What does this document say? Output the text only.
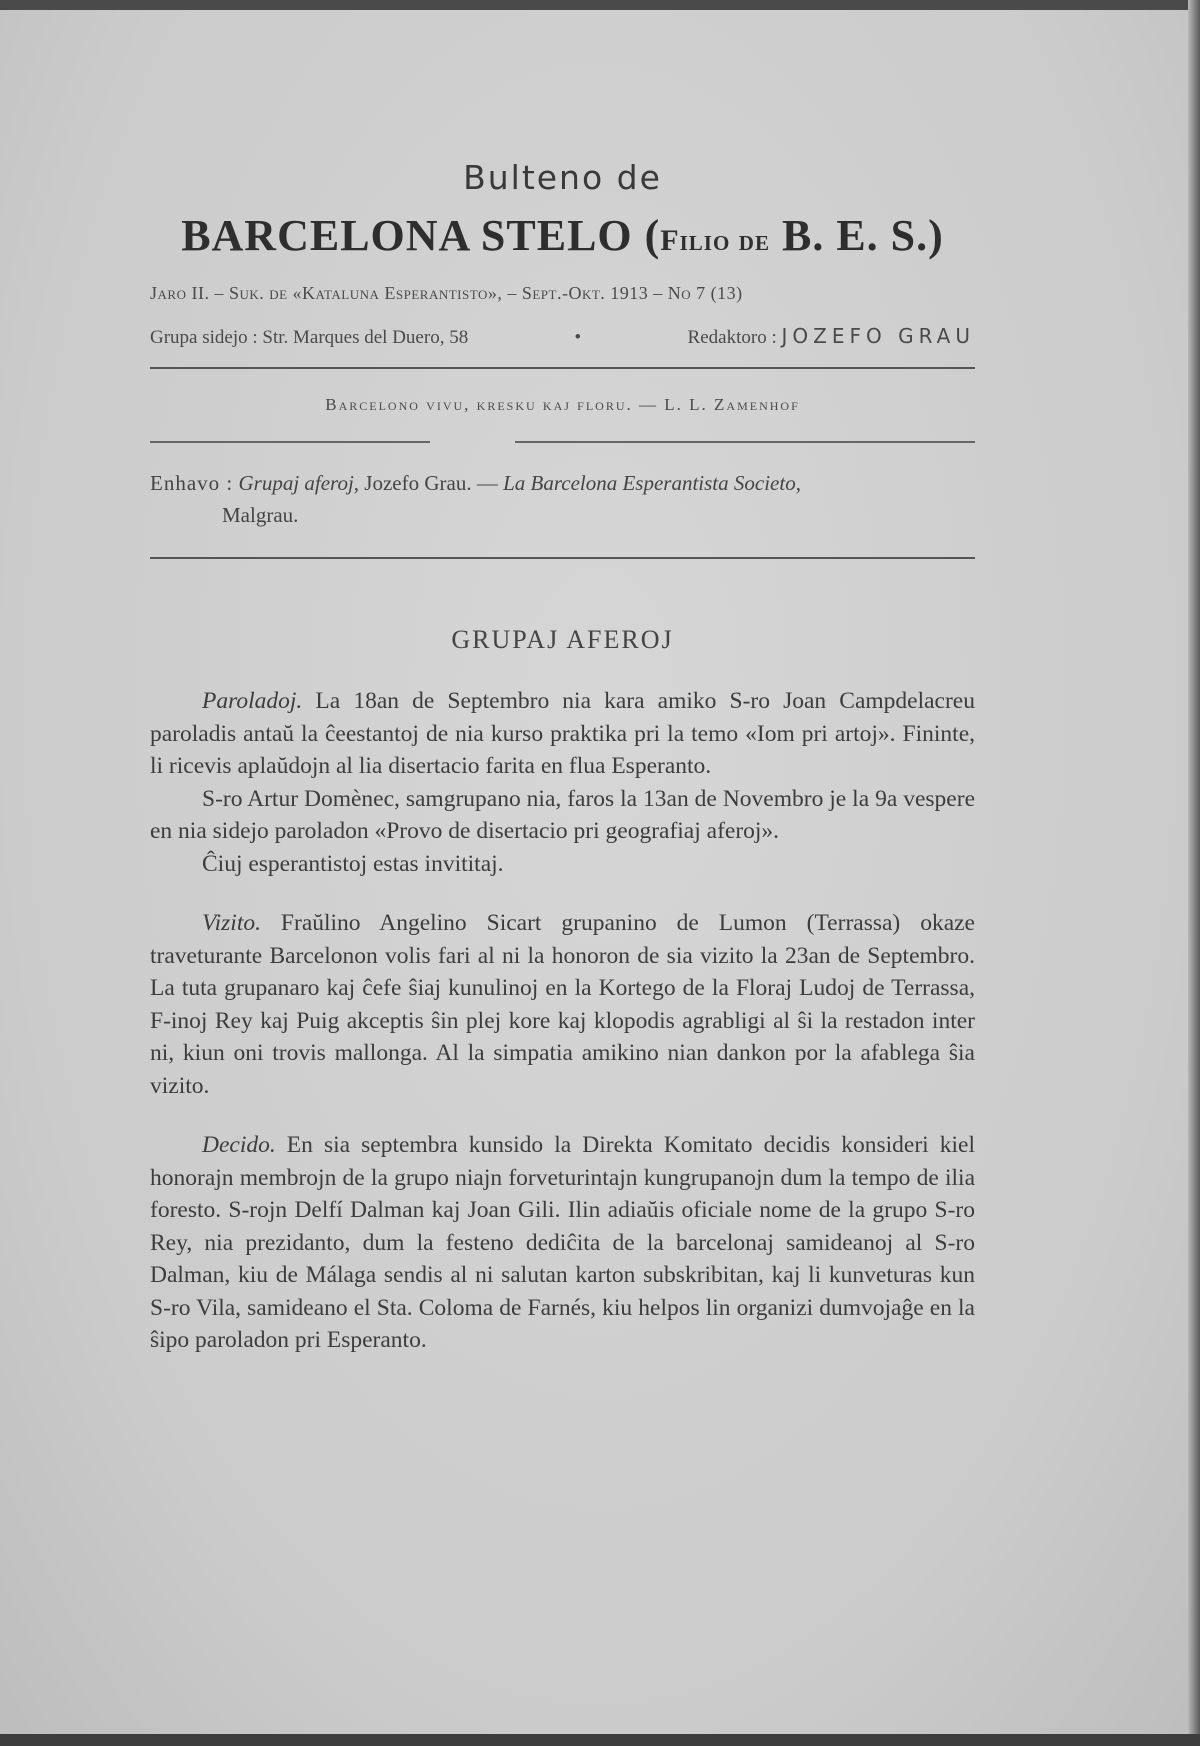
Bulteno de
BARCELONA STELO (Filio de B. E. S.)
Jaro II. – Suk. de «Kataluna Esperantisto», – Sept.-Okt. 1913 – No 7 (13)
Grupa sidejo : Str. Marques del Duero, 58	•	Redaktoro : JOZEFO GRAU
Barcelono vivu, kresku kaj floru. — L. L. Zamenhof
Enhavo : Grupaj aferoj, Jozefo Grau. — La Barcelona Esperantista Societo,
Malgrau.
GRUPAJ AFEROJ

Paroladoj. La 18an de Septembro nia kara amiko S-ro Joan Campdelacreu paroladis antaŭ la ĉeestantoj de nia kurso praktika pri la temo «Iom pri artoj». Fininte, li ricevis aplaŭdojn al lia disertacio farita en flua Esperanto.

S-ro Artur Domènec, samgrupano nia, faros la 13an de Novembro je la 9a vespere en nia sidejo paroladon «Provo de disertacio pri geografiaj aferoj».

Ĉiuj esperantistoj estas invititaj.

Vizito. Fraŭlino Angelino Sicart grupanino de Lumon (Terrassa) okaze traveturante Barcelonon volis fari al ni la honoron de sia vizito la 23an de Septembro. La tuta grupanaro kaj ĉefe ŝiaj kunulinoj en la Kortego de la Floraj Ludoj de Terrassa, F-inoj Rey kaj Puig akceptis ŝin plej kore kaj klopodis agrabligi al ŝi la restadon inter ni, kiun oni trovis mallonga. Al la simpatia amikino nian dankon por la afablega ŝia vizito.

Decido. En sia septembra kunsido la Direkta Komitato decidis konsideri kiel honorajn membrojn de la grupo niajn forveturintajn kungrupanojn dum la tempo de ilia foresto. S-rojn Delfí Dalman kaj Joan Gili. Ilin adiaŭis oficiale nome de la grupo S-ro Rey, nia prezidanto, dum la festeno dediĉita de la barcelonaj samideanoj al S-ro Dalman, kiu de Málaga sendis al ni salutan karton subskribitan, kaj li kunveturas kun S-ro Vila, samideano el Sta. Coloma de Farnés, kiu helpos lin organizi dumvojaĝe en la ŝipo paroladon pri Esperanto.
